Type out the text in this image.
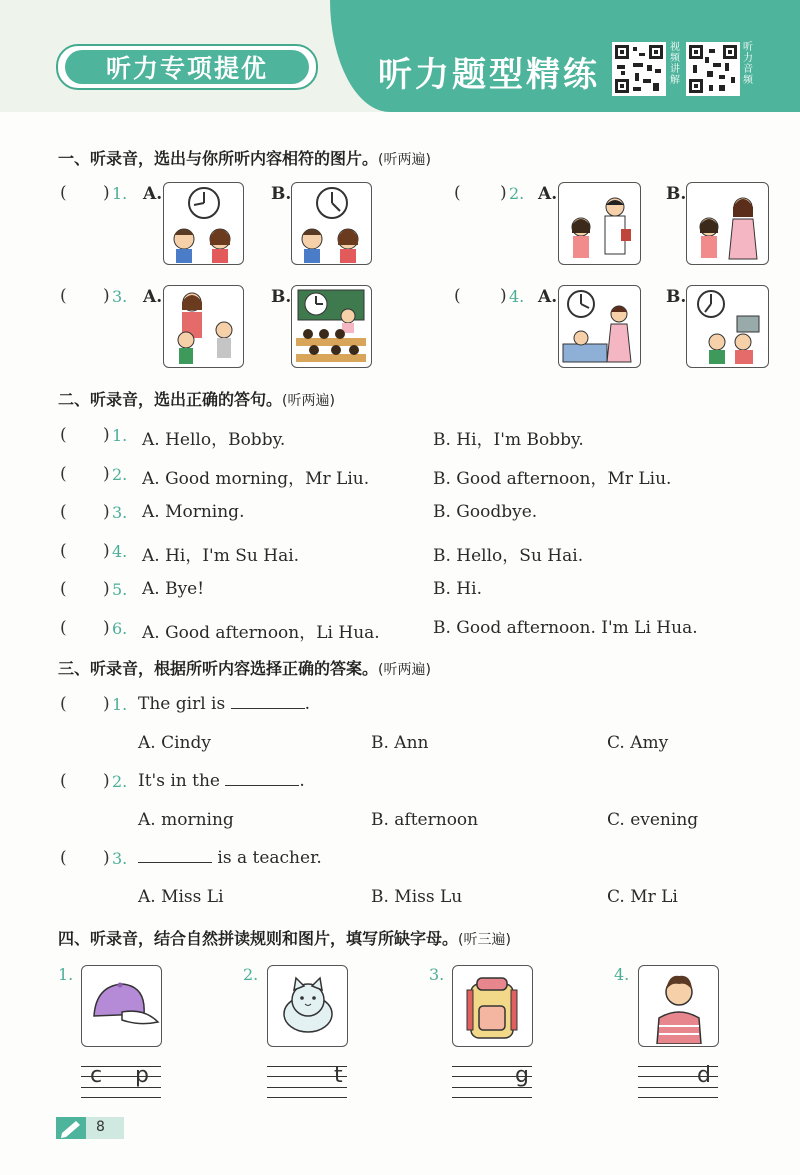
听力专项提优	听力题型精练
视频讲解
听力音频
一、听录音，选出与你所听内容相符的图片。(听两遍)
( ) 1. A.	B.	( ) 2. A.	B.
( ) 3. A.	B.	( ) 4. A.	B.
二、听录音，选出正确的答句。(听两遍)
( ) 1. A. Hello，Bobby.	B. Hi，I'm Bobby.
( ) 2. A. Good morning，Mr Liu.	B. Good afternoon，Mr Liu.
( ) 3. A. Morning.	B. Goodbye.
( ) 4. A. Hi，I'm Su Hai.	B. Hello，Su Hai.
( ) 5. A. Bye!	B. Hi.
( ) 6. A. Good afternoon，Li Hua.	B. Good afternoon. I'm Li Hua.
三、听录音，根据所听内容选择正确的答案。(听两遍)
( ) 1. The girl is	.
A. Cindy	B. Ann	C. Amy
( ) 2. It's in the	.
A. morning	B. afternoon	C. evening
( ) 3.	is a teacher.
A. Miss Li	B. Miss Lu	C. Mr Li
四、听录音，结合自然拼读规则和图片，填写所缺字母。(听三遍)
1.
c p
2.
t
3.
g
4.
d
8
